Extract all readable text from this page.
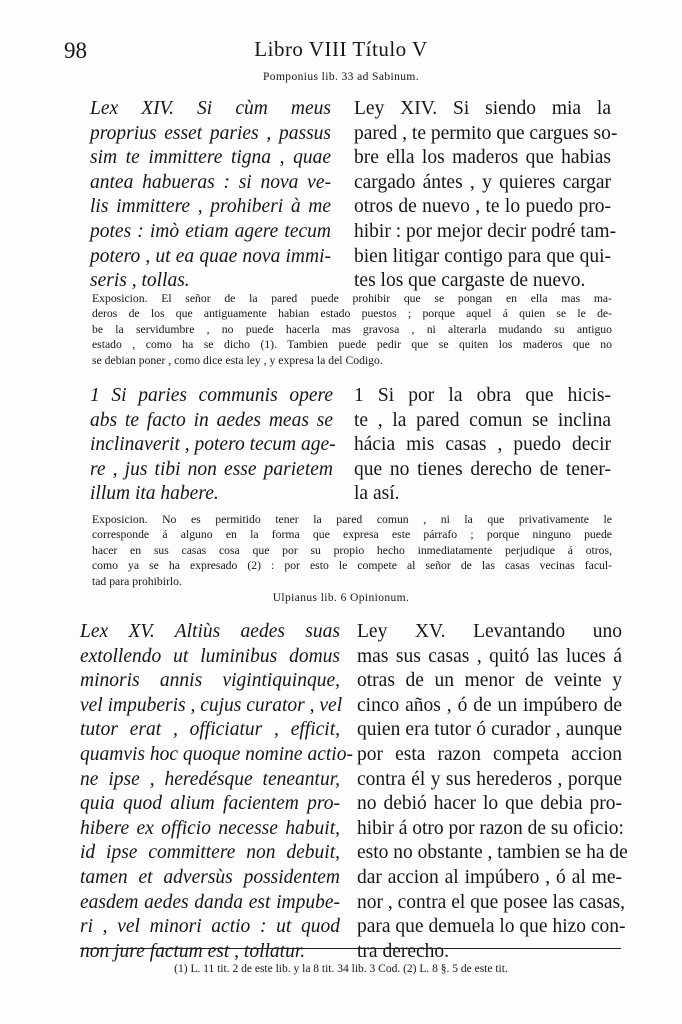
98	Libro VIII Título V
Pomponius lib. 33 ad Sabinum.
Lex XIV. Si cùm meus
proprius esset paries , passus
sim te immittere tigna , quae
antea habueras : si nova ve-
lis immittere , prohiberi à me
potes : imò etiam agere tecum
potero , ut ea quae nova immi-
seris , tollas.
Ley XIV. Si siendo mia la
pared , te permito que cargues so-
bre ella los maderos que habias
cargado ántes , y quieres cargar
otros de nuevo , te lo puedo pro-
hibir : por mejor decir podré tam-
bien litigar contigo para que qui-
tes los que cargaste de nuevo.
Exposicion. El señor de la pared puede prohibir que se pongan en ella mas ma-
deros de los que antiguamente habian estado puestos ; porque aquel á quien se le de-
be la servidumbre , no puede hacerla mas gravosa , ni alterarla mudando su antiguo
estado , como ha se dicho (1). Tambien puede pedir que se quiten los maderos que no
se debian poner , como dice esta ley , y expresa la del Codigo.
1 Si paries communis opere
abs te facto in aedes meas se
inclinaverit , potero tecum age-
re , jus tibi non esse parietem
illum ita habere.
1 Si por la obra que hicis-
te , la pared comun se inclina
hácia mis casas , puedo decir
que no tienes derecho de tener-
la así.
Exposicion. No es permitido tener la pared comun , ni la que privativamente le
corresponde á alguno en la forma que expresa este párrafo ; porque ninguno puede
hacer en sus casas cosa que por su propio hecho inmediatamente perjudique á otros,
como ya se ha expresado (2) : por esto le compete al señor de las casas vecinas facul-
tad para prohibirlo.
Ulpianus lib. 6 Opinionum.
Lex XV. Altiùs aedes suas
extollendo ut luminibus domus
minoris annis vigintiquinque,
vel impuberis , cujus curator , vel
tutor erat , officiatur , efficit,
quamvis hoc quoque nomine actio-
ne ipse , heredésque teneantur,
quia quod alium facientem pro-
hibere ex officio necesse habuit,
id ipse committere non debuit,
tamen et adversùs possidentem
easdem aedes danda est impube-
ri , vel minori actio : ut quod
non jure factum est , tollatur.
Ley XV. Levantando uno
mas sus casas , quitó las luces á
otras de un menor de veinte y
cinco años , ó de un impúbero de
quien era tutor ó curador , aunque
por esta razon competa accion
contra él y sus herederos , porque
no debió hacer lo que debia pro-
hibir á otro por razon de su oficio:
esto no obstante , tambien se ha de
dar accion al impúbero , ó al me-
nor , contra el que posee las casas,
para que demuela lo que hizo con-
tra derecho.
(1) L. 11 tit. 2 de este lib. y la 8 tit. 34 lib. 3 Cod. (2) L. 8 §. 5 de este tit.
